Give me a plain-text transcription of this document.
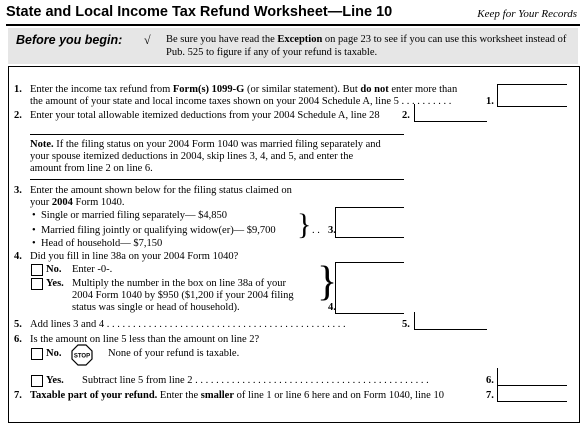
State and Local Income Tax Refund Worksheet—Line 10	Keep for Your Records
Before you begin: √ Be sure you have read the Exception on page 23 to see if you can use this worksheet instead of Pub. 525 to figure if any of your refund is taxable.
1. Enter the income tax refund from Form(s) 1099-G (or similar statement). But do not enter more than
the amount of your state and local income taxes shown on your 2004 Schedule A, line 5 . . . . . . . . . .	1.
2. Enter your total allowable itemized deductions from your 2004 Schedule A, line 28 2.
Note. If the filing status on your 2004 Form 1040 was married filing separately and
your spouse itemized deductions in 2004, skip lines 3, 4, and 5, and enter the
amount from line 2 on line 6.
3. Enter the amount shown below for the filing status claimed on
your 2004 Form 1040.
•  Single or married filing separately— $4,850
•  Married filing jointly or qualifying widow(er)— $9,700
•  Head of household— $7,150
} . . 3.
4. Did you fill in line 38a on your 2004 Form 1040?
No. Enter -0-.
Yes. Multiply the number in the box on line 38a of your
2004 Form 1040 by $950 ($1,200 if your 2004 filing
status was single or head of household).
}
4.
5. Add lines 3 and 4 . . . . . . . . . . . . . . . . . . . . . . . . . . . . . . . . . . . . . . . . . . . . . .	5.
6. Is the amount on line 5 less than the amount on line 2?
No. STOP None of your refund is taxable.
Yes. Subtract line 5 from line 2 . . . . . . . . . . . . . . . . . . . . . . . . . . . . . . . . . . . . . . . . . . . . .	6.
7. Taxable part of your refund. Enter the smaller of line 1 or line 6 here and on Form 1040, line 10	7.
